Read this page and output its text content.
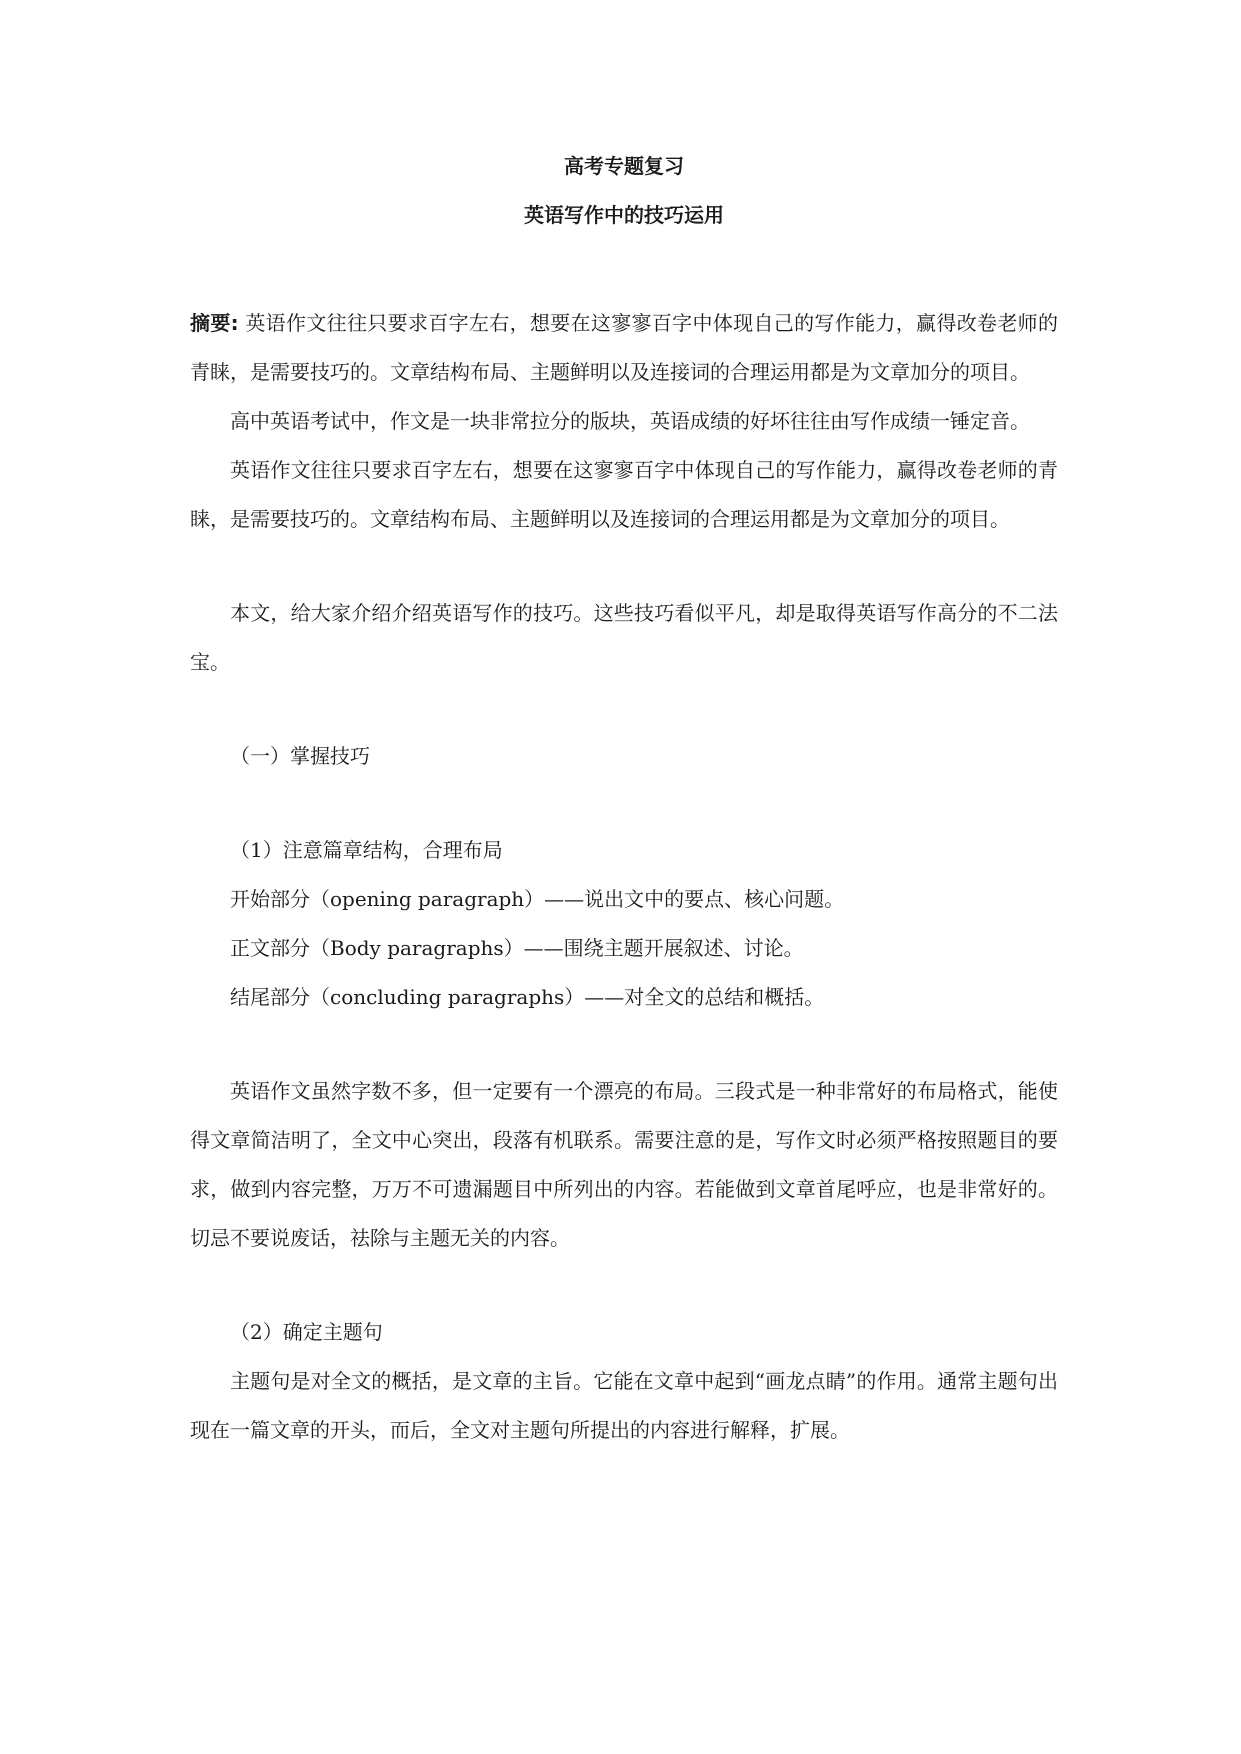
高考专题复习
英语写作中的技巧运用

摘要: 英语作文往往只要求百字左右，想要在这寥寥百字中体现自己的写作能力，赢得改卷老师的青睐，是需要技巧的。文章结构布局、主题鲜明以及连接词的合理运用都是为文章加分的项目。

高中英语考试中，作文是一块非常拉分的版块，英语成绩的好坏往往由写作成绩一锤定音。

英语作文往往只要求百字左右，想要在这寥寥百字中体现自己的写作能力，赢得改卷老师的青睐，是需要技巧的。文章结构布局、主题鲜明以及连接词的合理运用都是为文章加分的项目。

本文，给大家介绍介绍英语写作的技巧。这些技巧看似平凡，却是取得英语写作高分的不二法宝。

（一）掌握技巧

（1）注意篇章结构，合理布局

开始部分（opening paragraph）——说出文中的要点、核心问题。

正文部分（Body paragraphs）——围绕主题开展叙述、讨论。

结尾部分（concluding paragraphs）——对全文的总结和概括。

英语作文虽然字数不多，但一定要有一个漂亮的布局。三段式是一种非常好的布局格式，能使得文章简洁明了，全文中心突出，段落有机联系。需要注意的是，写作文时必须严格按照题目的要求，做到内容完整，万万不可遗漏题目中所列出的内容。若能做到文章首尾呼应，也是非常好的。切忌不要说废话，祛除与主题无关的内容。

（2）确定主题句

主题句是对全文的概括，是文章的主旨。它能在文章中起到“画龙点睛”的作用。通常主题句出现在一篇文章的开头，而后，全文对主题句所提出的内容进行解释，扩展。
